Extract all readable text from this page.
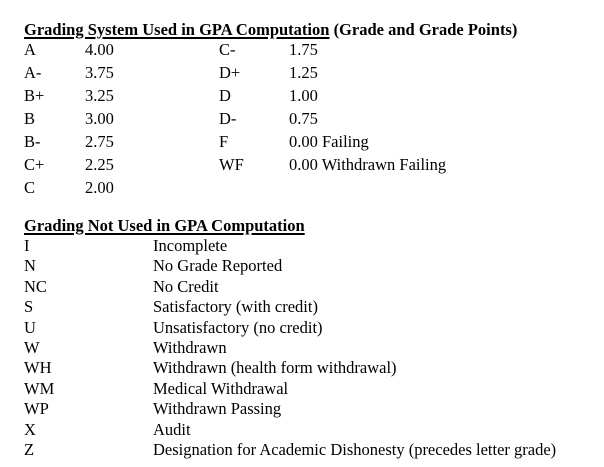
Grading System Used in GPA Computation (Grade and Grade Points)
A	4.00	C-	1.75
A-	3.75	D+	1.25
B+ 3.25	D	1.00
B	3.00	D-	0.75
B-	2.75	F	0.00 Failing
C+ 2.25	WF	0.00 Withdrawn Failing
C	2.00
Grading Not Used in GPA Computation
I	Incomplete
N	No Grade Reported
NC	No Credit
S	Satisfactory (with credit)
U	Unsatisfactory (no credit)
W	Withdrawn
WH	Withdrawn (health form withdrawal)
WM	Medical Withdrawal
WP	Withdrawn Passing
X	Audit
Z	Designation for Academic Dishonesty (precedes letter grade)
